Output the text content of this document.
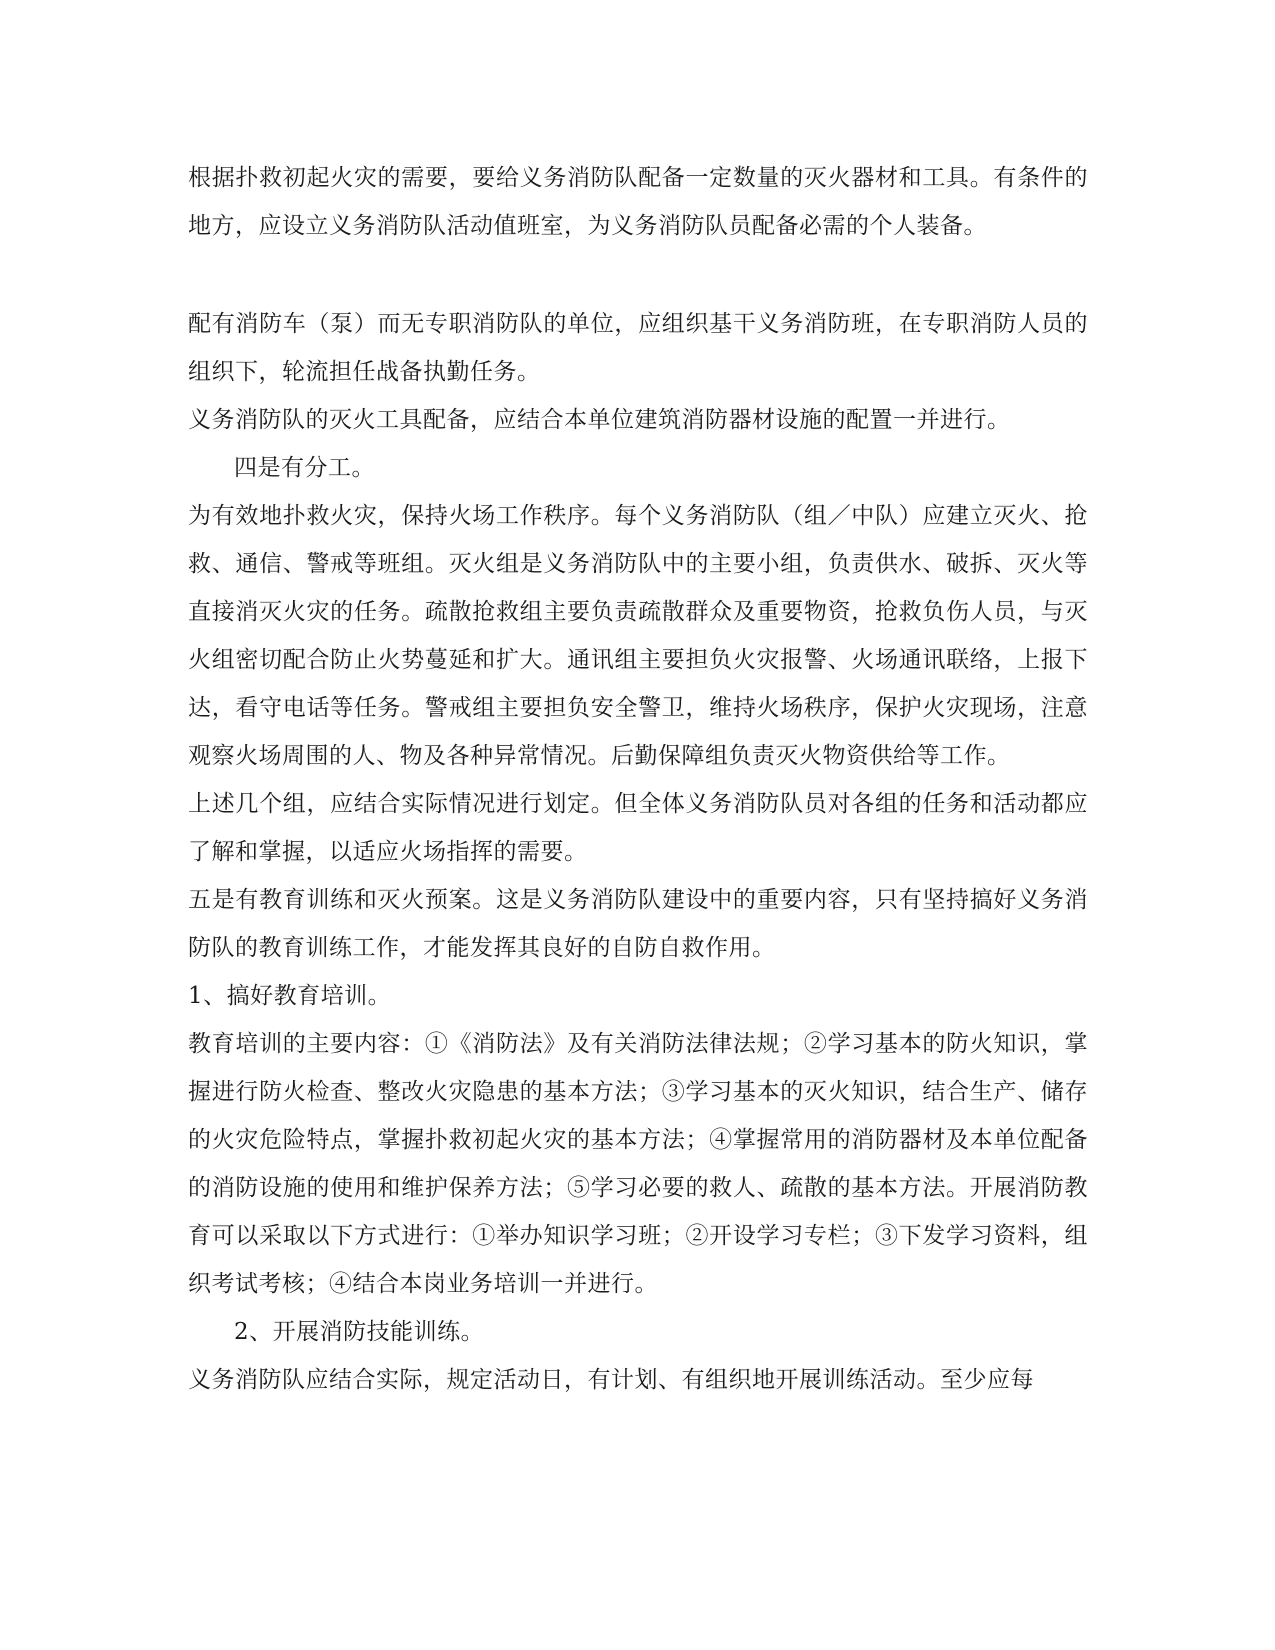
根据扑救初起火灾的需要，要给义务消防队配备一定数量的灭火器材和工具。有条件的地方，应设立义务消防队活动值班室，为义务消防队员配备必需的个人装备。

配有消防车（泵）而无专职消防队的单位，应组织基干义务消防班，在专职消防人员的组织下，轮流担任战备执勤任务。

义务消防队的灭火工具配备，应结合本单位建筑消防器材设施的配置一并进行。

四是有分工。

为有效地扑救火灾，保持火场工作秩序。每个义务消防队（组／中队）应建立灭火、抢救、通信、警戒等班组。灭火组是义务消防队中的主要小组，负责供水、破拆、灭火等直接消灭火灾的任务。疏散抢救组主要负责疏散群众及重要物资，抢救负伤人员，与灭火组密切配合防止火势蔓延和扩大。通讯组主要担负火灾报警、火场通讯联络，上报下达，看守电话等任务。警戒组主要担负安全警卫，维持火场秩序，保护火灾现场，注意观察火场周围的人、物及各种异常情况。后勤保障组负责灭火物资供给等工作。

上述几个组，应结合实际情况进行划定。但全体义务消防队员对各组的任务和活动都应了解和掌握，以适应火场指挥的需要。

五是有教育训练和灭火预案。这是义务消防队建设中的重要内容，只有坚持搞好义务消防队的教育训练工作，才能发挥其良好的自防自救作用。

1、搞好教育培训。

教育培训的主要内容：①《消防法》及有关消防法律法规；②学习基本的防火知识，掌握进行防火检查、整改火灾隐患的基本方法；③学习基本的灭火知识，结合生产、储存的火灾危险特点，掌握扑救初起火灾的基本方法；④掌握常用的消防器材及本单位配备的消防设施的使用和维护保养方法；⑤学习必要的救人、疏散的基本方法。开展消防教育可以采取以下方式进行：①举办知识学习班；②开设学习专栏；③下发学习资料，组织考试考核；④结合本岗业务培训一并进行。

2、开展消防技能训练。

义务消防队应结合实际，规定活动日，有计划、有组织地开展训练活动。至少应每
